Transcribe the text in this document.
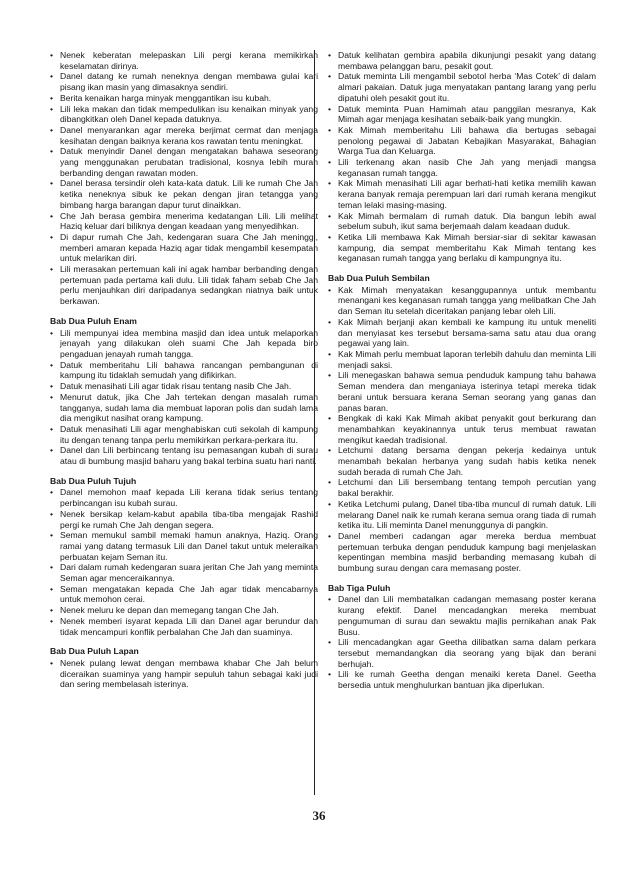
• Nenek keberatan melepaskan Lili pergi kerana memikirkan keselamatan dirinya.
• Danel datang ke rumah neneknya dengan membawa gulai kari pisang ikan masin yang dimasaknya sendiri.
• Berita kenaikan harga minyak menggantikan isu kubah.
• Lili leka makan dan tidak mempedulikan isu kenaikan minyak yang dibangkitkan oleh Danel kepada datuknya.
• Danel menyarankan agar mereka berjimat cermat dan menjaga kesihatan dengan baiknya kerana kos rawatan tentu meningkat.
• Datuk menyindir Danel dengan mengatakan bahawa seseorang yang menggunakan perubatan tradisional, kosnya lebih murah berbanding dengan rawatan moden.
• Danel berasa tersindir oleh kata-kata datuk. Lili ke rumah Che Jah ketika neneknya sibuk ke pekan dengan jiran tetangga yang bimbang harga barangan dapur turut dinaikkan.
• Che Jah berasa gembira menerima kedatangan Lili. Lili melihat Haziq keluar dari biliknya dengan keadaan yang menyedihkan.
• Di dapur rumah Che Jah, kedengaran suara Che Jah meninggi, memberi amaran kepada Haziq agar tidak mengambil kesempatan untuk melarikan diri.
• Lili merasakan pertemuan kali ini agak hambar berbanding dengan pertemuan pada pertama kali dulu. Lili tidak faham sebab Che Jah perlu menjauhkan diri daripadanya sedangkan niatnya baik untuk berkawan.
Bab Dua Puluh Enam
• Lili mempunyai idea membina masjid dan idea untuk melaporkan jenayah yang dilakukan oleh suami Che Jah kepada biro pengaduan jenayah rumah tangga.
• Datuk memberitahu Lili bahawa rancangan pembangunan di kampung itu tidaklah semudah yang difikirkan.
• Datuk menasihati Lili agar tidak risau tentang nasib Che Jah.
• Menurut datuk, jika Che Jah tertekan dengan masalah rumah tangganya, sudah lama dia membuat laporan polis dan sudah lama dia mengikut nasihat orang kampung.
• Datuk menasihati Lili agar menghabiskan cuti sekolah di kampung itu dengan tenang tanpa perlu memikirkan perkara-perkara itu.
• Danel dan Lili berbincang tentang isu pemasangan kubah di surau atau di bumbung masjid baharu yang bakal terbina suatu hari nanti.
Bab Dua Puluh Tujuh
• Danel memohon maaf kepada Lili kerana tidak serius tentang perbincangan isu kubah surau.
• Nenek bersikap kelam-kabut apabila tiba-tiba mengajak Rashid pergi ke rumah Che Jah dengan segera.
• Seman memukul sambil memaki hamun anaknya, Haziq. Orang ramai yang datang termasuk Lili dan Danel takut untuk meleraikan perbuatan kejam Seman itu.
• Dari dalam rumah kedengaran suara jeritan Che Jah yang meminta Seman agar menceraikannya.
• Seman mengatakan kepada Che Jah agar tidak mencabarnya untuk memohon cerai.
• Nenek meluru ke depan dan memegang tangan Che Jah.
• Nenek memberi isyarat kepada Lili dan Danel agar berundur dan tidak mencampuri konflik perbalahan Che Jah dan suaminya.
Bab Dua Puluh Lapan
• Nenek pulang lewat dengan membawa khabar Che Jah belum diceraikan suaminya yang hampir sepuluh tahun sebagai kaki judi dan sering membelasah isterinya.
• Datuk kelihatan gembira apabila dikunjungi pesakit yang datang membawa pelanggan baru, pesakit gout.
• Datuk meminta Lili mengambil sebotol herba ‘Mas Cotek’ di dalam almari pakaian. Datuk juga menyatakan pantang larang yang perlu dipatuhi oleh pesakit gout itu.
• Datuk meminta Puan Hamimah atau panggilan mesranya, Kak Mimah agar menjaga kesihatan sebaik-baik yang mungkin.
• Kak Mimah memberitahu Lili bahawa dia bertugas sebagai penolong pegawai di Jabatan Kebajikan Masyarakat, Bahagian Warga Tua dan Keluarga.
• Lili terkenang akan nasib Che Jah yang menjadi mangsa keganasan rumah tangga.
• Kak Mimah menasihati Lili agar berhati-hati ketika memilih kawan kerana banyak remaja perempuan lari dari rumah kerana mengikut teman lelaki masing-masing.
• Kak Mimah bermalam di rumah datuk. Dia bangun lebih awal sebelum subuh, ikut sama berjemaah dalam keadaan duduk.
• Ketika Lili membawa Kak Mimah bersiar-siar di sekitar kawasan kampung, dia sempat memberitahu Kak Mimah tentang kes keganasan rumah tangga yang berlaku di kampungnya itu.
Bab Dua Puluh Sembilan
• Kak Mimah menyatakan kesanggupannya untuk membantu menangani kes keganasan rumah tangga yang melibatkan Che Jah dan Seman itu setelah diceritakan panjang lebar oleh Lili.
• Kak Mimah berjanji akan kembali ke kampung itu untuk meneliti dan menyiasat kes tersebut bersama-sama satu atau dua orang pegawai yang lain.
• Kak Mimah perlu membuat laporan terlebih dahulu dan meminta Lili menjadi saksi.
• Lili menegaskan bahawa semua penduduk kampung tahu bahawa Seman mendera dan menganiaya isterinya tetapi mereka tidak berani untuk bersuara kerana Seman seorang yang ganas dan panas baran.
• Bengkak di kaki Kak Mimah akibat penyakit gout berkurang dan menambahkan keyakinannya untuk terus membuat rawatan mengikut kaedah tradisional.
• Letchumi datang bersama dengan pekerja kedainya untuk menambah bekalan herbanya yang sudah habis ketika nenek sudah berada di rumah Che Jah.
• Letchumi dan Lili bersembang tentang tempoh percutian yang bakal berakhir.
• Ketika Letchumi pulang, Danel tiba-tiba muncul di rumah datuk. Lili melarang Danel naik ke rumah kerana semua orang tiada di rumah ketika itu. Lili meminta Danel menunggunya di pangkin.
• Danel memberi cadangan agar mereka berdua membuat pertemuan terbuka dengan penduduk kampung bagi menjelaskan kepentingan membina masjid berbanding memasang kubah di bumbung surau dengan cara memasang poster.
Bab Tiga Puluh
• Danel dan Lili membatalkan cadangan memasang poster kerana kurang efektif. Danel mencadangkan mereka membuat pengumuman di surau dan sewaktu majlis pernikahan anak Pak Busu.
• Lili mencadangkan agar Geetha dilibatkan sama dalam perkara tersebut memandangkan dia seorang yang bijak dan berani berhujah.
• Lili ke rumah Geetha dengan menaiki kereta Danel. Geetha bersedia untuk menghulurkan bantuan jika diperlukan.
36
